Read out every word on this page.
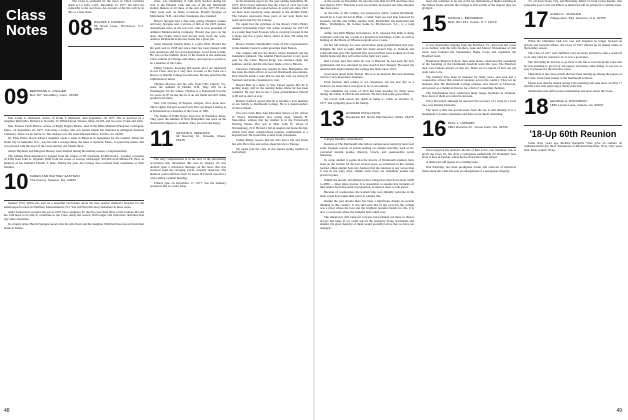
Class Notes

The Class is saddened by the news of Chick Carlisle's death at La Jolla, Calif., December 15, 1977. We send our sympathy to his survivors. An account of his life will be in this or a later issue.

08 WALTER F. FURMAN
59 Scott Lane, Princeton, N.J. 08540
09 BERTRAND C. FISCHER
Box 157, Woodbury, Conn. 06798

Mrs. Leslie C. Olmstead, widow of Frank T. Olmstead, died September 19, 1977. She is survived by a daughter Ruth (Mrs. Richard A. Rowell), 25 Tiffield Road, Weston, Mass. 02193, and two sons, Frank and John.

Mrs. Frances Flock Bistow, widow of Edgar Rogers Bistow, died in the Bible Memorial Hospital, Lexington, Mass., on September 22, 1977, following a stroke. She was buried beside her husband in Arlington National Cemetery. There are no survivors. Her address was 301 Penn Pleasant Drive, Fairfax, Va. 22030.

Dr. Elsie Eilers, Royal Albert's daughter, spent a week in Hanover in September for the reunion. When her home city of Asheville, N.C., was hit with a sewage thing, the lakes to Spencer, Mass., to spend the winter. She was pleased with the news of the Class and her old friends there.

Albert Hayhurst and Margaret Beasey were married during the holiday season. Congratulations!

The Alumni Fund announced a bequest from the widow of '09 classmate, $1,000 from L. Gosling, a bequest of $100 from John G. Olphant; $500 from the estate of George McDougal; $10,000 from Mildred E. Barr, in memory of her husband Charles T. Dale. During the year, the College also received from classmates or their families.

10 KAREN AND WHITNEY EASTMAN
The Colony, Stewart, Fla. 33494

Sumner (Vic) Willis has sent us a beautiful bio-feature about his new special children's hospital for the handicapped located in Wellfleet, Massachusetts, N.J. You will find this story elsewhere in these notes.

Andy Sackett has accepted the job as 1910 class conductor for the five-year fund drive of the College. He and his wife hope to be able to contribute to the Class. Andy has served 1910 longer and with more devotion than any other classmate.

In a happy letter, Harold Sprague reports that his wife Pearl and his daughter Winifred have moved from their home in Maine.

sister, was 'chumming it' with Andy Sackett during his visit to the Phoenix Club and one of the big Dartmouth alumni dinners in all there at the end of the 1977-78 year. They went well on many occasions. Harold Sprague of Manchester, N.H., and other classmates also attended.

Harold Sprague had a fine time seeing Olympic Games and Gary Sprague sent a picture of him at the 1923 games. Anonymous news of his son Carl, who is now president of Amherst Manufacturing Company. Harold also gave us the news that Frank Silver had moved back from the west. Andrew McDonald in his new home has a great job.

Some Masonic friends made it a gala affair. Harold has his gold seal in 1938 and since then has been blessed with four grandsons and two great-grandsons. Good news to him. He was on the bulletin board of his friends at the Anderson Class reunion in Chicago and others, and says he is proud to be a member of the Class.

Pliney Jackson, knowing that Karen and I are interested in our Class, sent us a very nice account of his work on a history of Oberlin College in particular. He also describes the exhibitions in detail.

Thomas Morrow and his wife from Falls Church, Va., spent the summer in Dublin, N.H. They will be in Washington for the winter. Thomas is a Dartmouth favorite for years. At 87 he has the air of an old friend and still walks around town daily.

Mrs. Carl Lindsey of Eugene, Oregon, lives alone now. She is eighty and gets around well. Her son Roger Lindsey is at Dartmouth as a member of the Class of 1981.

The family of Edith Noyes lives now in Wellesley, Mass. They spent the summer in New Hampshire and were on the Dartmouth campus for reunion. They are well and happy.

11 ARTHUR G. WESHOFF
43 Deering St., Roselle, Mass. 01945

The only compensation is in the face of the devastating occurrence that threatened this area in January 20 was derived from a television message on the news that was received from the ravaging storm, causally observed. The hundred sound officials from 32 states in Florida reported a crisis during a public meeting.

Francis Quo on December 17, 1977. See the obituary section in this or a later issue.

In the financial report for the year ending September 30, 1977, Don Closey indicates that the Class of 1911 has total funds of $3,669.49. As noted before, in each year since 1911 we have been reporting some amount to the Alumni Fund. The balance represents those parts of our total funds not spent and is held by the College.

We again had the privilege of the Rotary Club's Henry Alumni Scholarship Fund. Our prime recipient for 1977-78 is a young man from Ecuador who is carrying forward in the College and has a great future ahead of him. He sends his thanks.

Horace Vautrin, Dartmouth's Class of 1911 representative in the Alumni Council, sends greetings from Boston.

The campus still has the library where Rudolph and the bandsmen gathered. The Alumni Fund reported a very good year for the Class. Harold Kopp was married again last summer, and he and his wife have made a trip to Hawaii.

Theodore Fairbanks has resided in New Hampshire. He has been the main officer of several Dartmouth associations. Don Sherrill sends a note that he and his wife are living in Vermont and invite classmates to visit.

Harold Burt in a letter to Wes Lineal reports that he is getting along well in the nursing home where he has been confined. He says that he has 7 great grandchildren. Harold is 90 and as alert as ever.

Herbert Sanford reports that he is sending a new member of our family to Dartmouth College. He is a grand-nephew of Wes Limpert.

Two pics from Miss Ann Maconber Wood, of Dr. Alfred O. Wood, Darthmouth's new acting dean, Stanley H. Macomber, advises that her mother is in the Farnsworth Nursing Home. Her son is Hon. John H. Wood of Warrensburg, N.Y. He had a fall in August and broke his hip, which with other complications requires confinement to a hospital bed. He would like to hear from classmates.

Joshua Emery reports that his wife had a fall and broke her arm. He is fine and writes about his trip to Europe.

We again join the class in the annual spring reunion at Gettysburg.

48

of the woods on November 26, one day later than in 1976 and three days later than in 1975. This time it was two inches; he doesn't tell what amounts like deep snow.

At the time of this writing, our perspective editor, Laman Richmond, should be at Casa del Sol in Pharr, a 'relief' from our own heat followed by Granada, Sevilla, and within, another Arab. Meanwhile, his Australian and Phila., Washington, his former home in Myrtlewood, S.C., is a long distance.

Arthur and Ruth Hughes in Kenmore, N.Y., reported that Ruth is doing volunteer work one day a week at a hospital in San Diego, Calif., as well as helping on the Meals on Wheels program once a week.

On her full holiday we were given three great-grandchildren this year, bringing the total to eight. Ruth has made several trips to Vermont and California this year. Her husband Wes and son Elliot were looking in on the family home and they will arrive at the farm very soon.

Red Crosier said that when he was at Hanover he had seen the new gymnasium and was surprised by how much it had changed. He noted the unbelievable improvements the College has made since 1913.

Good news about Katie Bolton. She is to be married. Her new husband will be a very interested classmate.

Evan Webster sent wishes to all classmates. On his new life as a widower, he notes that it was great to be at our reunion.

You remember our Class of 1913 has been meeting for many years during the winter at Florida and Arizona. We have had some great times.

We record with sorrow the death of James L. Clark on October 21, 1977. Our sympathy goes to his family.

13 HOWARD KNOLLYSON
Royalston Rd, North Winchendon, Mass. 01475

Campus Monthly at Dartmouth

Readers of The Dartmouth who follow campus news regularly have read some frequent reports of events leading on campus morality, such as ill-concerted student pranks, thievery, brawls, and questionable social functions.

To some alumni it seems that the morals of Dartmouth students have been on the decline for the last several years, as evidenced in the campus journal. Other alumni have not doubted that the situation is any worse than it was in the early days; alumni from every era remember pranks and practical jokes.

Within the decade, enrollment in the College has risen from about 3,000 to 4000 — three times greater. It is reasonable to assume that incidents of misconduct have increased in proportion, as there is more to talk about.

Because of coeducation, the women who were initially welcome in the male world have taken their place in campus life.

During the past decade there has been a significant change in societal thinking in this country. It was said once that in my own day the college was a place where the best and the brightest became friends for life. It is now a crossroads where the students have taken over.

The situation is still cause for concern, but probably not more so than it always has been. If we could ask all the presently living classmates and alumni, the great majority of them would probably tell us that we have not changed.

been and continues to be one of the top institutions of higher learning in the United States and that the College is still worthy of the support they are giving it.

15 MARVIN L. BRODERICK
RFD, Box 231, Colton, N.Y. 13074

A very interesting clipping from the Bradford, Vt., Advocate has come to us dealing with the twin brothers, Jean and Marcel Wanamaker of that town. Jean founded the Wanamaker Bugle Corps and organized the Bradford band.

Dartmouth Medical School, their alma mater, celebrated the centennial of the founding of the Dartmouth baseball team this year. The Bradford men were famous players of that era. There are no reports of how the old team came to be.

The brothers have been in business for many years, and Jean had a cooperative school that attracted students across the country. They set up business after the Dartmouth College reunion, now known as Universal, and served as a chemical director for a firm of consulting chemists.

The Wanamakers have celebrated many happy moments in Vermont. Now most of them are retired in Arizona.

Tracy Brownell, although he reported the recovery of a wing in a local tree, was missing his home.

The news is that the second stone from the top is still missing. It is a monument to former classmates and there is not much remaining.

16 PAUL L. HOWARD
2901 Deloche Dr., Grove Park, Fla. 32796

Jim Colegrove has added to the list of Bert Lows, one classmate who is given the Class 10, but such a contagious enthusiasm for Rudolph's new book is here in Florida, where he has lived since high school.

A memorial will appear in a coming issue.

Dan Partridge, our most prodigious reader and collector of historical items about the Class has sent an enlargement of a newspaper clipping.

'15, all from Sioux City, and Beardsley Ruml '15 from Cedar Rapids. Our sympathy goes to his son Elliott. A memorial will be printed in a coming issue.

17 ALDEN G. VAUGHAN
Village Apts. #12, Hanover, N.H. 03755

When the Christmas rush was over and attention no longer focused on private and personal affairs, the Class of 1917 offered up its annual salute to the holiday season.

The Class of 1917 were fulfilled, your secretary decided to take a week off to do only what he wanted to do. It was a good idea.

The first thing he did was to go back to the Inn to read about the Class that he was planning to get rid of old papers, and many other things. It was not so easy to prepare for the next five years.

Then there is the class picture that has been turning up among the papers of the Class. It has been loaned to the Dartmouth archives.

Please note that the annual spring Class meeting will take place on May 17 and the Class will again enjoy lunch at the Inn.

Alumni Records still receives information and news about the Class.

18 GEORGE H. WOODBURY
1820 Lexion Lane, Goleta, Ca. 90937
'18-Up 60th Reunion

Some sixty years ago Richard Peregrine Wise gave an address on commencement day titled 'Tendencies of Modern Education.' Now, sixty years later, Rick, retired '18 up.

49
